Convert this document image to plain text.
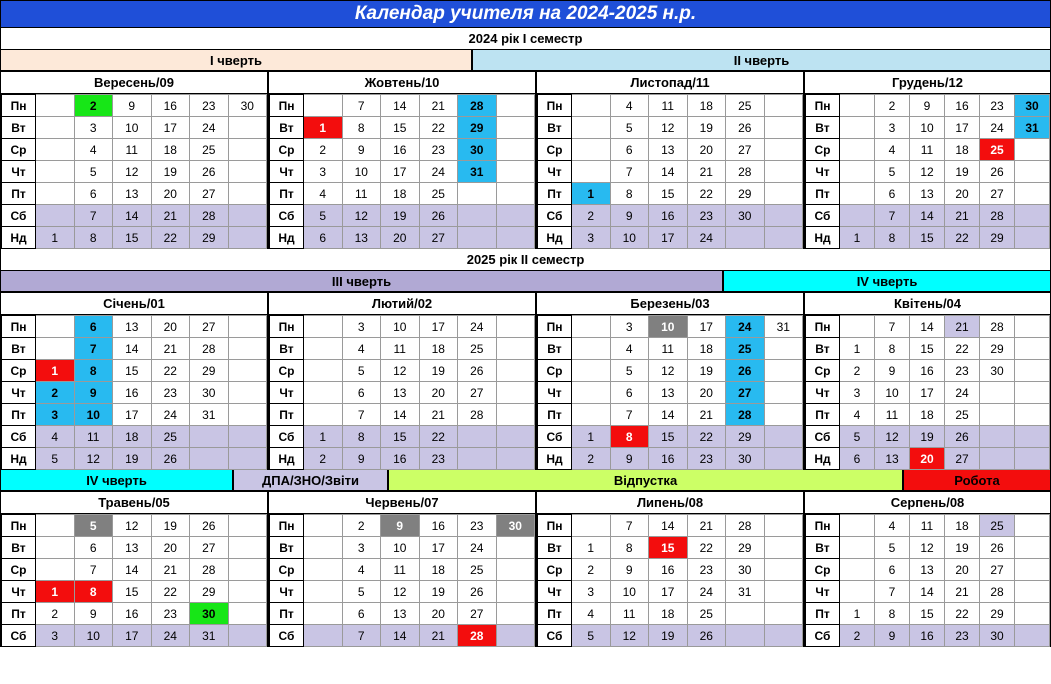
Календар учителя на 2024-2025 н.р.
2024 рік I семестр
I чверть	II чверть
Вересень/09
Пн		2	9	16	23	30
Вт		3	10	17	24	
Ср		4	11	18	25	
Чт		5	12	19	26	
Пт		6	13	20	27	
Сб		7	14	21	28	
Нд	1	8	15	22	29	
Жовтень/10
Пн		7	14	21	28	
Вт	1	8	15	22	29	
Ср	2	9	16	23	30	
Чт	3	10	17	24	31	
Пт	4	11	18	25		
Сб	5	12	19	26		
Нд	6	13	20	27		
Листопад/11
Пн		4	11	18	25	
Вт		5	12	19	26	
Ср		6	13	20	27	
Чт		7	14	21	28	
Пт	1	8	15	22	29	
Сб	2	9	16	23	30	
Нд	3	10	17	24		
Грудень/12
Пн		2	9	16	23	30
Вт		3	10	17	24	31
Ср		4	11	18	25	
Чт		5	12	19	26	
Пт		6	13	20	27	
Сб		7	14	21	28	
Нд	1	8	15	22	29	
2025 рік II семестр
III чверть	IV чверть
Січень/01
Пн		6	13	20	27	
Вт		7	14	21	28	
Ср	1	8	15	22	29	
Чт	2	9	16	23	30	
Пт	3	10	17	24	31	
Сб	4	11	18	25		
Нд	5	12	19	26		
Лютий/02
Пн		3	10	17	24	
Вт		4	11	18	25	
Ср		5	12	19	26	
Чт		6	13	20	27	
Пт		7	14	21	28	
Сб	1	8	15	22		
Нд	2	9	16	23		
Березень/03
Пн		3	10	17	24	31
Вт		4	11	18	25	
Ср		5	12	19	26	
Чт		6	13	20	27	
Пт		7	14	21	28	
Сб	1	8	15	22	29	
Нд	2	9	16	23	30	
Квітень/04
Пн		7	14	21	28	
Вт	1	8	15	22	29	
Ср	2	9	16	23	30	
Чт	3	10	17	24		
Пт	4	11	18	25		
Сб	5	12	19	26		
Нд	6	13	20	27		
IV чверть	ДПА/ЗНО/Звіти	Відпустка	Робота
Травень/05
Пн		5	12	19	26	
Вт		6	13	20	27	
Ср		7	14	21	28	
Чт	1	8	15	22	29	
Пт	2	9	16	23	30	
Сб	3	10	17	24	31	
Червень/07
Пн		2	9	16	23	30
Вт		3	10	17	24	
Ср		4	11	18	25	
Чт		5	12	19	26	
Пт		6	13	20	27	
Сб		7	14	21	28	
Липень/08
Пн		7	14	21	28	
Вт	1	8	15	22	29	
Ср	2	9	16	23	30	
Чт	3	10	17	24	31	
Пт	4	11	18	25		
Сб	5	12	19	26		
Серпень/08
Пн		4	11	18	25	
Вт		5	12	19	26	
Ср		6	13	20	27	
Чт		7	14	21	28	
Пт	1	8	15	22	29	
Сб	2	9	16	23	30	
